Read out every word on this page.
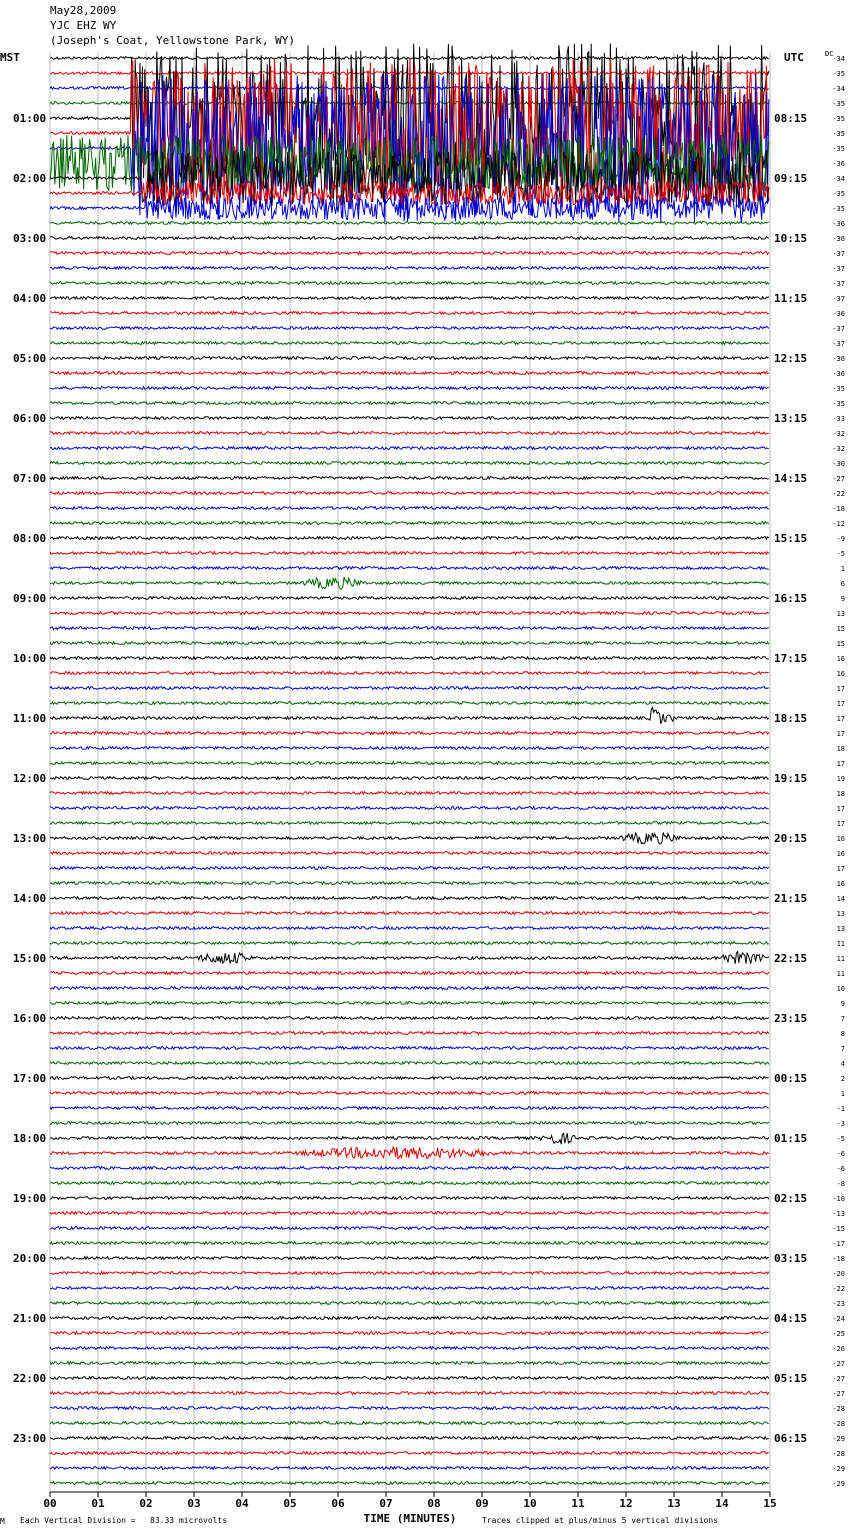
May28,2009
YJC EHZ WY
(Joseph's Coat, Yellowstone Park, WY)
MST	UTC
00	01	02	03	04	05	06	07	08	09	10	11	12	13	14	15
TIME (MINUTES)
01:00
02:00
03:00
04:00
05:00
06:00
07:00
08:00
09:00
10:00
11:00
12:00
13:00
14:00
15:00
16:00
17:00
18:00
19:00
20:00
21:00
22:00
23:00
08:15
09:15
10:15
11:15
12:15
13:15
14:15
15:15
16:15
17:15
18:15
19:15
20:15
21:15
22:15
23:15
00:15
01:15
02:15
03:15
04:15
05:15
06:15
DC
-34
-35
-34
-35
-35
-35
-35
-36
-34
-35
-35
-36
-36
-37
-37
-37
-37
-36
-37
-37
-36
-36
-35
-35
-33
-32
-32
-30
-27
-22
-18
-12
-9
-5
1
6
9
13
15
15
16
16
17
17
17
17
18
17
19
18
17
17
16
16
17
16
14
13
13
11
11
11
10
9
7
8
7
4
2
1
-1
-3
-5
-6
-6
-8
-10
-13
-15
-17
-18
-20
-22
-23
-24
-25
-26
-27
-27
-27
-28
-28
-29
-28
-29
-29
M Each Vertical Division =   83.33 microvolts	Traces clipped at plus/minus 5 vertical divisions
